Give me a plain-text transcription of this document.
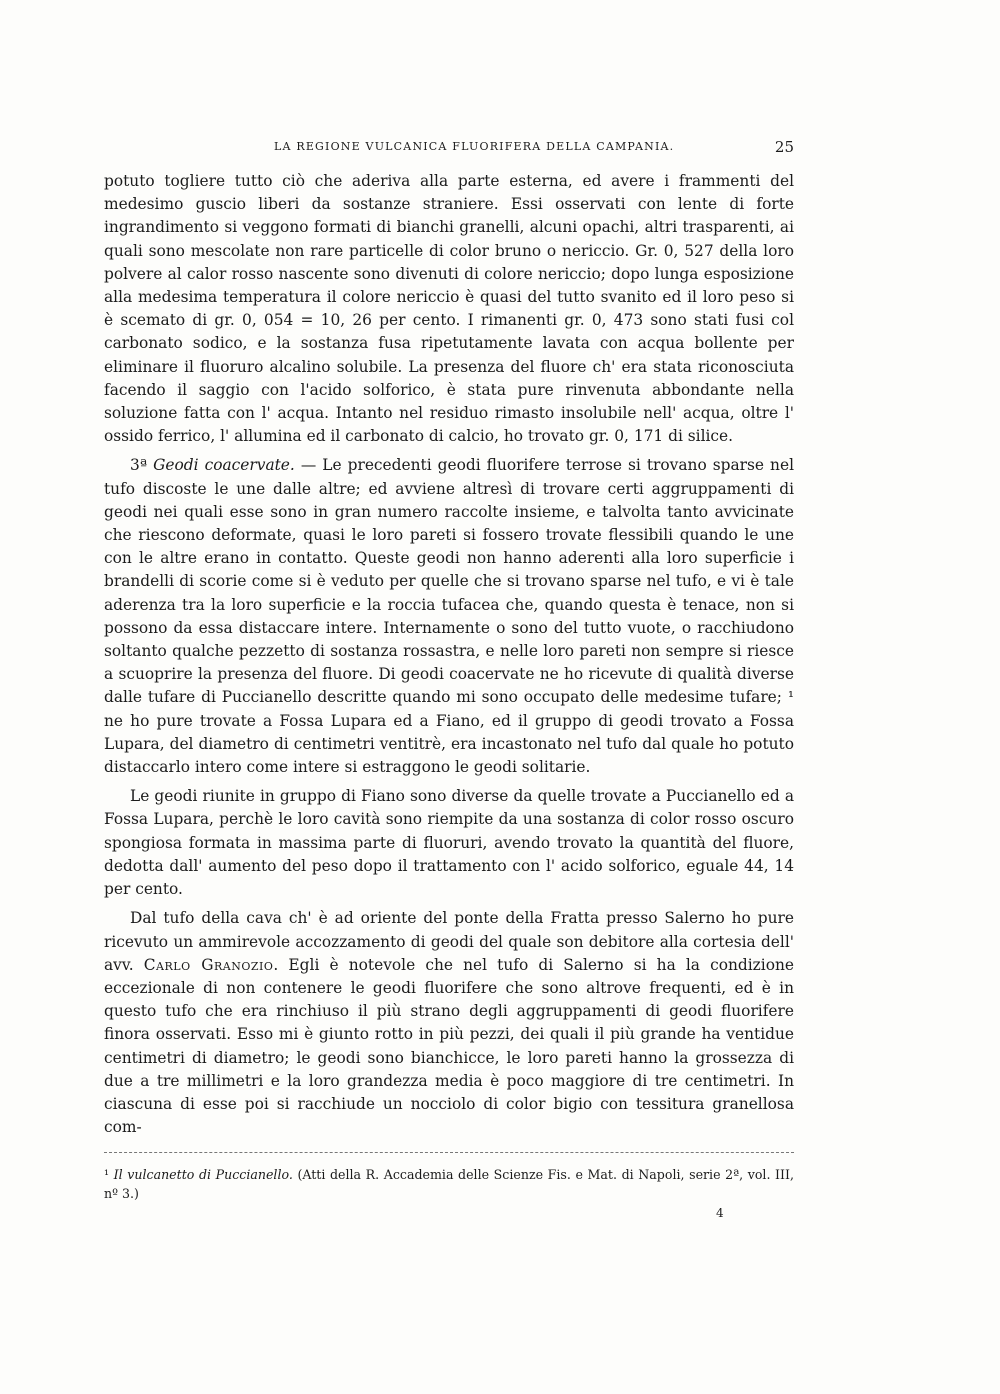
LA REGIONE VULCANICA FLUORIFERA DELLA CAMPANIA.	25

potuto togliere tutto ciò che aderiva alla parte esterna, ed avere i frammenti del medesimo guscio liberi da sostanze straniere. Essi osservati con lente di forte ingrandimento si veggono formati di bianchi granelli, alcuni opachi, altri trasparenti, ai quali sono mescolate non rare particelle di color bruno o nericcio. Gr. 0, 527 della loro polvere al calor rosso nascente sono divenuti di colore nericcio; dopo lunga esposizione alla medesima temperatura il colore nericcio è quasi del tutto svanito ed il loro peso si è scemato di gr. 0, 054 = 10, 26 per cento. I rimanenti gr. 0, 473 sono stati fusi col carbonato sodico, e la sostanza fusa ripetutamente lavata con acqua bollente per eliminare il fluoruro alcalino solubile. La presenza del fluore ch' era stata riconosciuta facendo il saggio con l'acido solforico, è stata pure rinvenuta abbondante nella soluzione fatta con l' acqua. Intanto nel residuo rimasto insolubile nell' acqua, oltre l' ossido ferrico, l' allumina ed il carbonato di calcio, ho trovato gr. 0, 171 di silice.

3ª Geodi coacervate. — Le precedenti geodi fluorifere terrose si trovano sparse nel tufo discoste le une dalle altre; ed avviene altresì di trovare certi aggruppamenti di geodi nei quali esse sono in gran numero raccolte insieme, e talvolta tanto avvicinate che riescono deformate, quasi le loro pareti si fossero trovate flessibili quando le une con le altre erano in contatto. Queste geodi non hanno aderenti alla loro superficie i brandelli di scorie come si è veduto per quelle che si trovano sparse nel tufo, e vi è tale aderenza tra la loro superficie e la roccia tufacea che, quando questa è tenace, non si possono da essa distaccare intere. Internamente o sono del tutto vuote, o racchiudono soltanto qualche pezzetto di sostanza rossastra, e nelle loro pareti non sempre si riesce a scuoprire la presenza del fluore. Di geodi coacervate ne ho ricevute di qualità diverse dalle tufare di Puccianello descritte quando mi sono occupato delle medesime tufare; ¹ ne ho pure trovate a Fossa Lupara ed a Fiano, ed il gruppo di geodi trovato a Fossa Lupara, del diametro di centimetri ventitrè, era incastonato nel tufo dal quale ho potuto distaccarlo intero come intere si estraggono le geodi solitarie.

Le geodi riunite in gruppo di Fiano sono diverse da quelle trovate a Puccianello ed a Fossa Lupara, perchè le loro cavità sono riempite da una sostanza di color rosso oscuro spongiosa formata in massima parte di fluoruri, avendo trovato la quantità del fluore, dedotta dall' aumento del peso dopo il trattamento con l' acido solforico, eguale 44, 14 per cento.

Dal tufo della cava ch' è ad oriente del ponte della Fratta presso Salerno ho pure ricevuto un ammirevole accozzamento di geodi del quale son debitore alla cortesia dell' avv. Carlo Granozio. Egli è notevole che nel tufo di Salerno si ha la condizione eccezionale di non contenere le geodi fluorifere che sono altrove frequenti, ed è in questo tufo che era rinchiuso il più strano degli aggruppamenti di geodi fluorifere finora osservati. Esso mi è giunto rotto in più pezzi, dei quali il più grande ha ventidue centimetri di diametro; le geodi sono bianchicce, le loro pareti hanno la grossezza di due a tre millimetri e la loro grandezza media è poco maggiore di tre centimetri. In ciascuna di esse poi si racchiude un nocciolo di color bigio con tessitura granellosa com-

¹ Il vulcanetto di Puccianello. (Atti della R. Accademia delle Scienze Fis. e Mat. di Napoli, serie 2ª, vol. III, nº 3.)
4
